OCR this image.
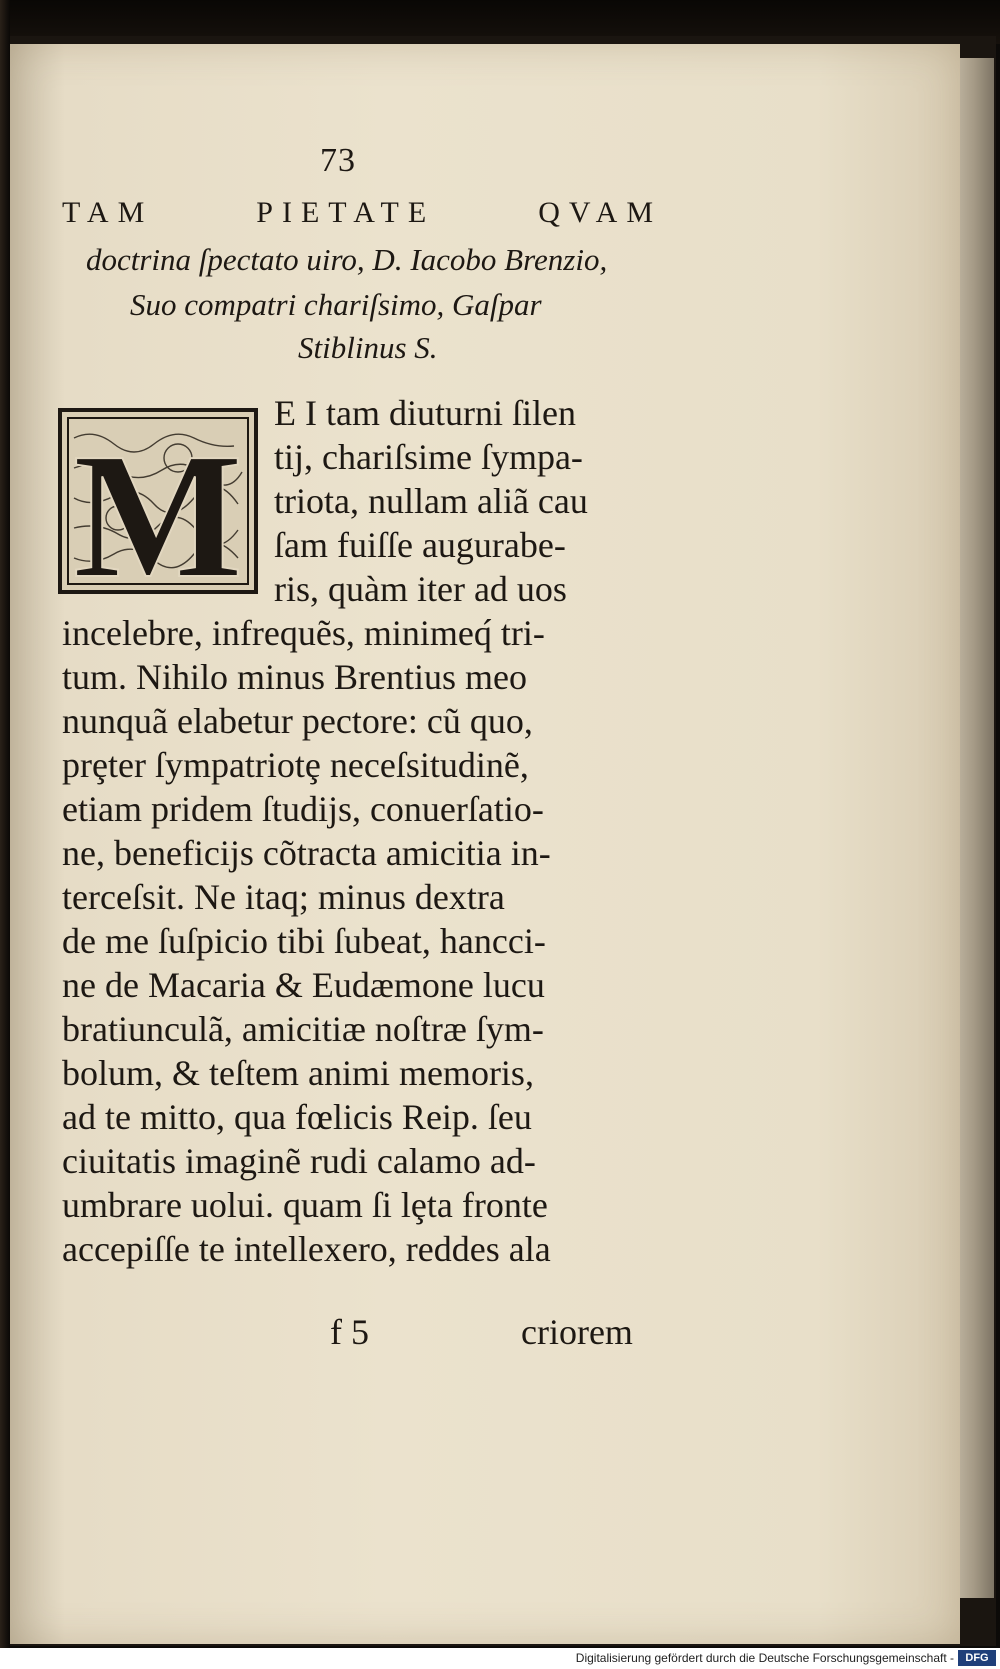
73
TAM	PIETATE	QVAM
doctrina ſpectato uiro, D. Iacobo Brenzio,
Suo compatri chariſsimo, Gaſpar
Stiblinus S.
M
E I tam diuturni ſilen
tij, chariſsime ſympa-
triota, nullam aliã cau
ſam fuiſſe augurabe-
ris, quàm iter ad uos
incelebre, infrequẽs, minimeq́ tri-
tum. Nihilo minus Brentius meo
nunquã elabetur pectore: cũ quo,
prȩter ſympatriotȩ neceſsitudinẽ,
etiam pridem ſtudijs, conuerſatio-
ne, beneficijs cõtracta amicitia in-
terceſsit. Ne itaq; minus dextra
de me ſuſpicio tibi ſubeat, hancci-
ne de Macaria & Eudæmone lucu
bratiunculã, amicitiæ noſtræ ſym-
bolum, & teſtem animi memoris,
ad te mitto, qua fœlicis Reip. ſeu
ciuitatis imaginẽ rudi calamo ad-
umbrare uolui. quam ſi lȩta fronte
accepiſſe te intellexero, reddes ala
f 5	criorem
Digitalisierung gefördert durch die Deutsche Forschungsgemeinschaft -	DFG
